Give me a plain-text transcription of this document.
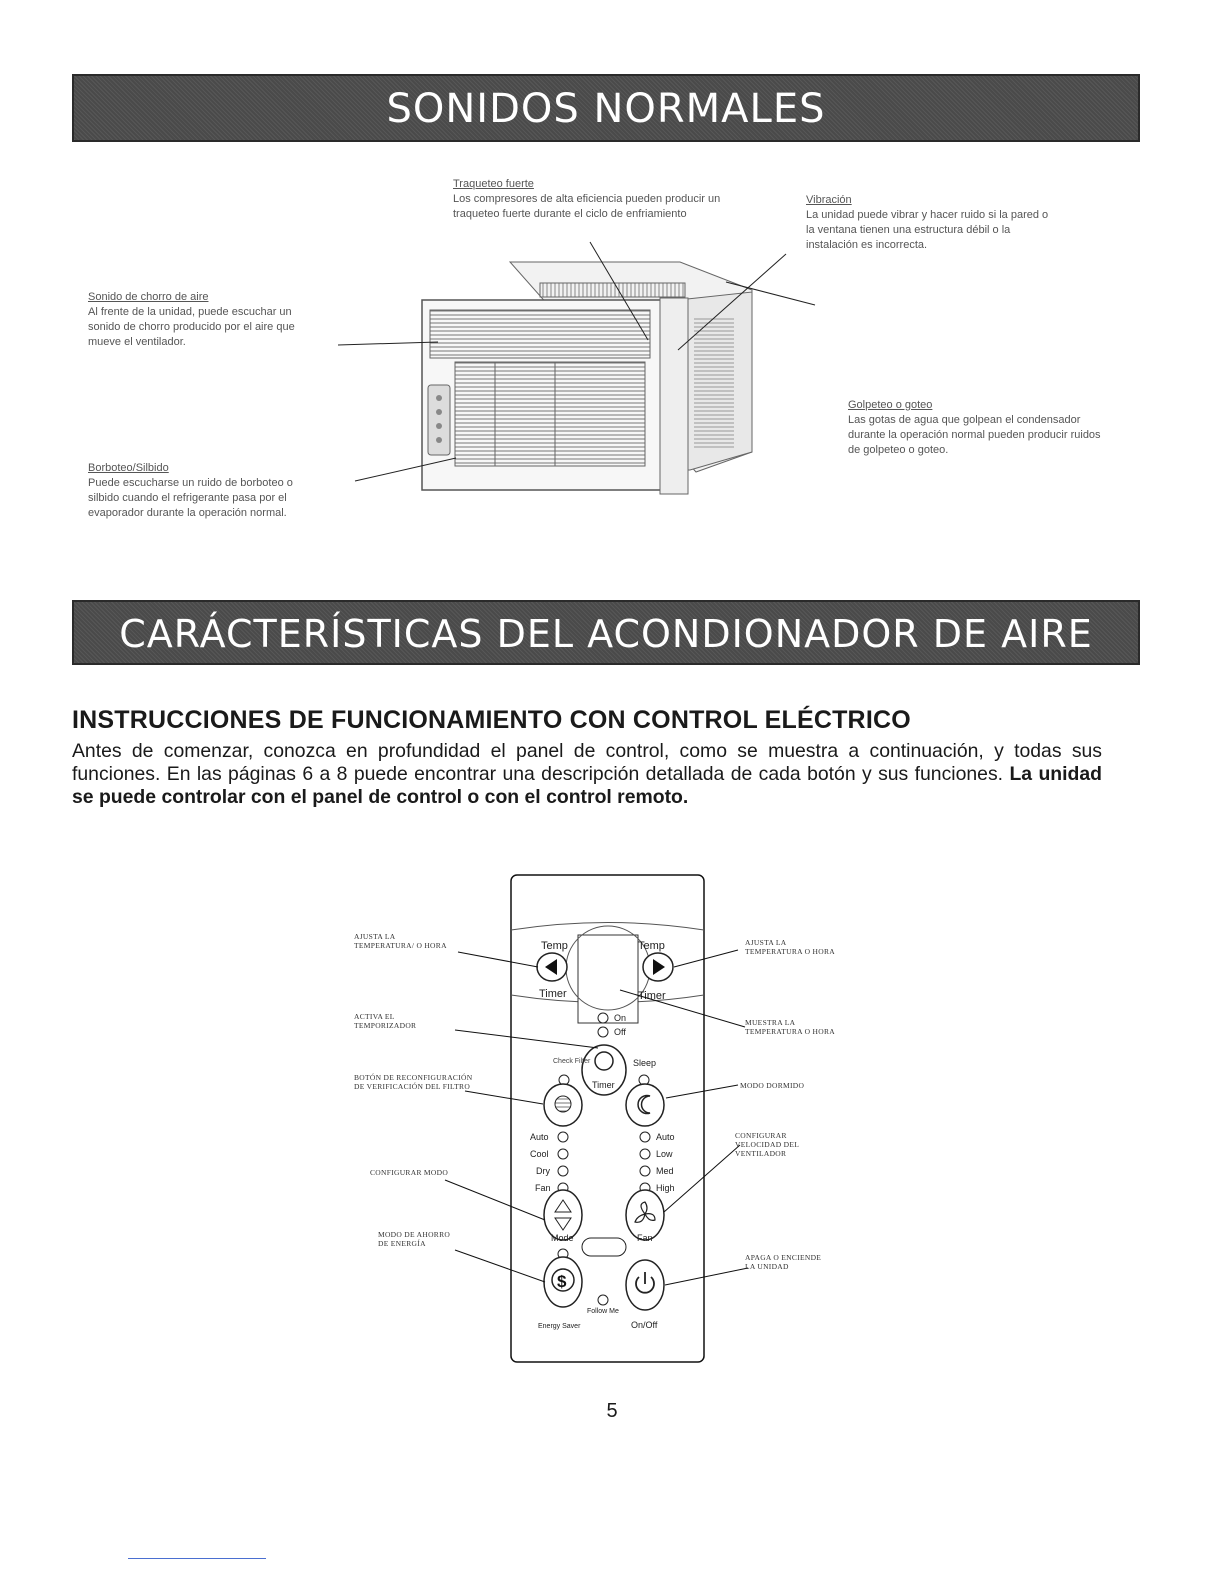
SONIDOS NORMALES
Traqueteo fuerte
Los compresores de alta eficiencia pueden producir un traqueteo fuerte durante el ciclo de enfriamiento
Vibración
La unidad puede vibrar y hacer ruido si la pared o la ventana tienen una estructura débil o la instalación es incorrecta.
Sonido de chorro de aire
Al frente de la unidad, puede escuchar un sonido de chorro producido por el aire que mueve el ventilador.
Golpeteo o goteo
Las gotas de agua que golpean el condensador durante la operación normal pueden producir ruidos de golpeteo o goteo.
Borboteo/Silbido
Puede escucharse un ruido de borboteo o silbido cuando el refrigerante pasa por el evaporador durante la operación normal.
CARÁCTERÍSTICAS DEL ACONDIONADOR DE AIRE
INSTRUCCIONES DE FUNCIONAMIENTO CON CONTROL ELÉCTRICO

Antes de comenzar, conozca en profundidad el panel de control, como se muestra a continuación, y todas sus funciones. En las páginas 6 a 8 puede encontrar una descripción detallada de cada botón y sus funciones. La unidad se puede controlar con el panel de control o con el control remoto.

Temp	Temp
Timer	Timer
On
Off
Check Filter
Timer
Sleep
Auto
Cool
Dry
Fan
Auto
Low
Med
High
Mode	Fan
$
Energy Saver
Follow Me
On/Off
AJUSTA LA TEMPERATURA/ O HORA	AJUSTA LA TEMPERATURA O HORA
ACTIVA EL TEMPORIZADOR	MUESTRA LA TEMPERATURA O HORA
BOTÓN DE RECONFIGURACIÓN DE VERIFICACIÓN DEL FILTRO	MODO DORMIDO
CONFIGURAR VELOCIDAD DEL VENTILADOR
CONFIGURAR MODO
MODO DE AHORRO DE ENERGÍA
APAGA O ENCIENDE LA UNIDAD
5
